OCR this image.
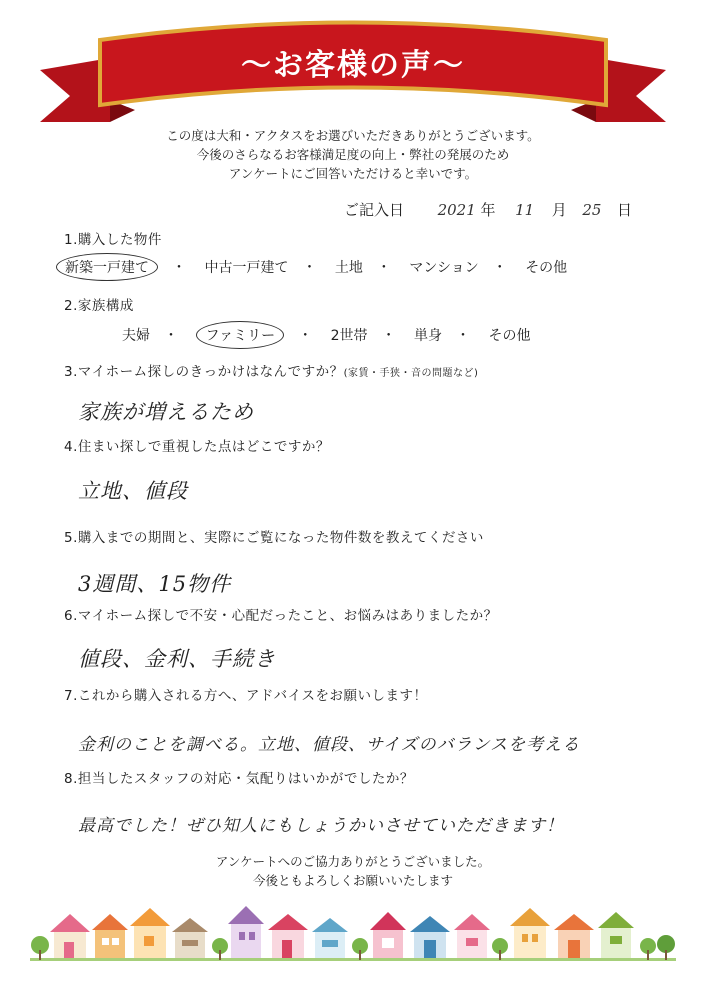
〜お客様の声〜
この度は大和・アクタスをお選びいただきありがとうございます。
今後のさらなるお客様満足度の向上・弊社の発展のため
アンケートにご回答いただけると幸いです。
ご記入日 2021 年 11 月 25 日
1.購入した物件
新築一戸建て ・ 中古一戸建て ・ 土地 ・ マンション ・ その他
2.家族構成
夫婦 ・ ファミリー ・ 2世帯 ・ 単身 ・ その他
3.マイホーム探しのきっかけはなんですか？(家賃・手狭・音の問題など)
家族が増えるため
4.住まい探しで重視した点はどこですか？
立地、値段
5.購入までの期間と、実際にご覧になった物件数を教えてください
3週間、15物件
6.マイホーム探しで不安・心配だったこと、お悩みはありましたか？
値段、金利、手続き
7.これから購入される方へ、アドバイスをお願いします！
金利のことを調べる。立地、値段、サイズのバランスを考える
8.担当したスタッフの対応・気配りはいかがでしたか？
最高でした！ぜひ知人にもしょうかいさせていただきます！
アンケートへのご協力ありがとうございました。
今後ともよろしくお願いいたします
